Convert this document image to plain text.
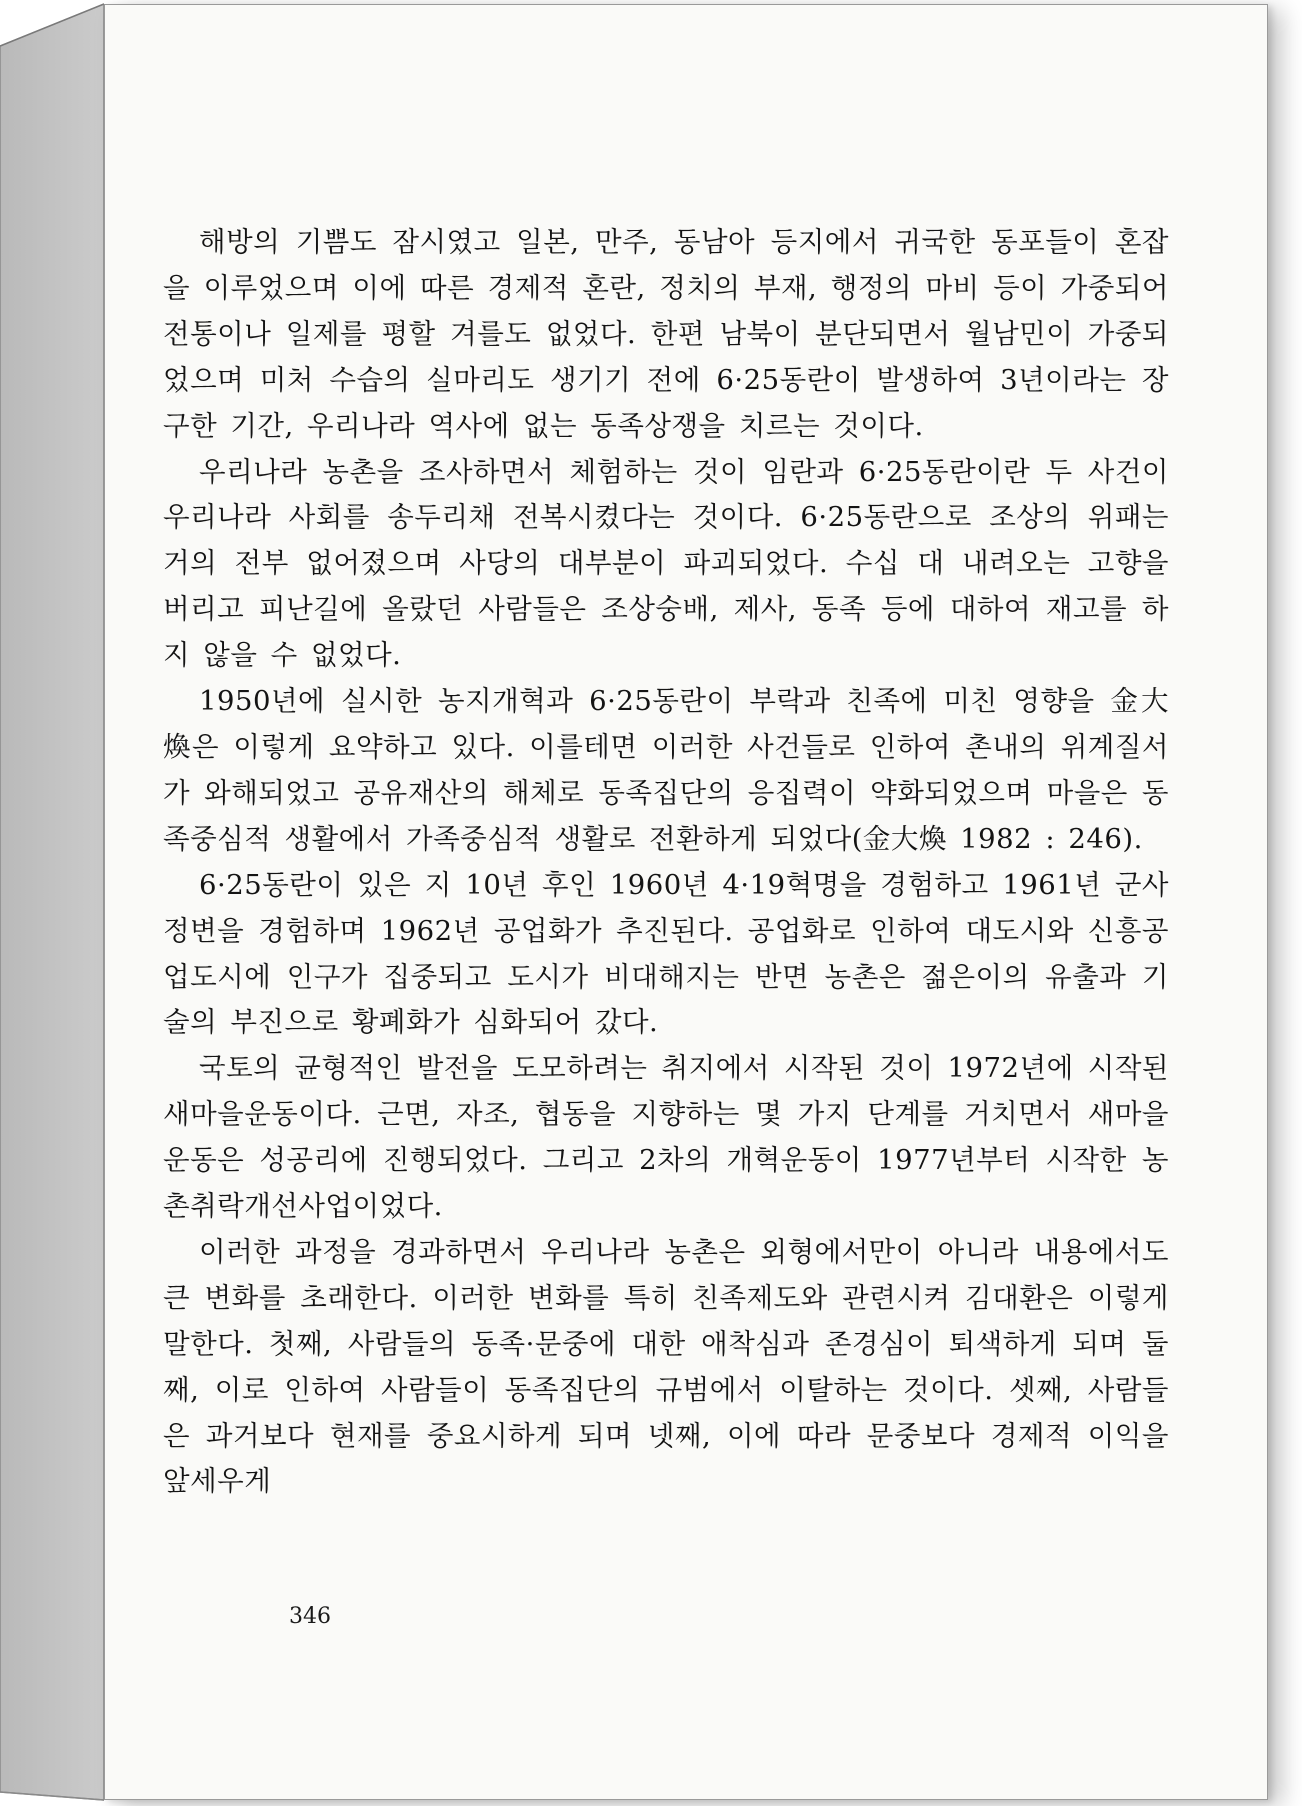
해방의 기쁨도 잠시였고 일본, 만주, 동남아 등지에서 귀국한 동포들이 혼잡을 이루었으며 이에 따른 경제적 혼란, 정치의 부재, 행정의 마비 등이 가중되어 전통이나 일제를 평할 겨를도 없었다. 한편 남북이 분단되면서 월남민이 가중되었으며 미처 수습의 실마리도 생기기 전에 6·25동란이 발생하여 3년이라는 장구한 기간, 우리나라 역사에 없는 동족상쟁을 치르는 것이다.

우리나라 농촌을 조사하면서 체험하는 것이 임란과 6·25동란이란 두 사건이 우리나라 사회를 송두리채 전복시켰다는 것이다. 6·25동란으로 조상의 위패는 거의 전부 없어졌으며 사당의 대부분이 파괴되었다. 수십 대 내려오는 고향을 버리고 피난길에 올랐던 사람들은 조상숭배, 제사, 동족 등에 대하여 재고를 하지 않을 수 없었다.

1950년에 실시한 농지개혁과 6·25동란이 부락과 친족에 미친 영향을 金大煥은 이렇게 요약하고 있다. 이를테면 이러한 사건들로 인하여 촌내의 위계질서가 와해되었고 공유재산의 해체로 동족집단의 응집력이 약화되었으며 마을은 동족중심적 생활에서 가족중심적 생활로 전환하게 되었다(金大煥 1982 : 246).

6·25동란이 있은 지 10년 후인 1960년 4·19혁명을 경험하고 1961년 군사정변을 경험하며 1962년 공업화가 추진된다. 공업화로 인하여 대도시와 신흥공업도시에 인구가 집중되고 도시가 비대해지는 반면 농촌은 젊은이의 유출과 기술의 부진으로 황폐화가 심화되어 갔다.

국토의 균형적인 발전을 도모하려는 취지에서 시작된 것이 1972년에 시작된 새마을운동이다. 근면, 자조, 협동을 지향하는 몇 가지 단계를 거치면서 새마을운동은 성공리에 진행되었다. 그리고 2차의 개혁운동이 1977년부터 시작한 농촌취락개선사업이었다.

이러한 과정을 경과하면서 우리나라 농촌은 외형에서만이 아니라 내용에서도 큰 변화를 초래한다. 이러한 변화를 특히 친족제도와 관련시켜 김대환은 이렇게 말한다. 첫째, 사람들의 동족·문중에 대한 애착심과 존경심이 퇴색하게 되며 둘째, 이로 인하여 사람들이 동족집단의 규범에서 이탈하는 것이다. 셋째, 사람들은 과거보다 현재를 중요시하게 되며 넷째, 이에 따라 문중보다 경제적 이익을 앞세우게

346
